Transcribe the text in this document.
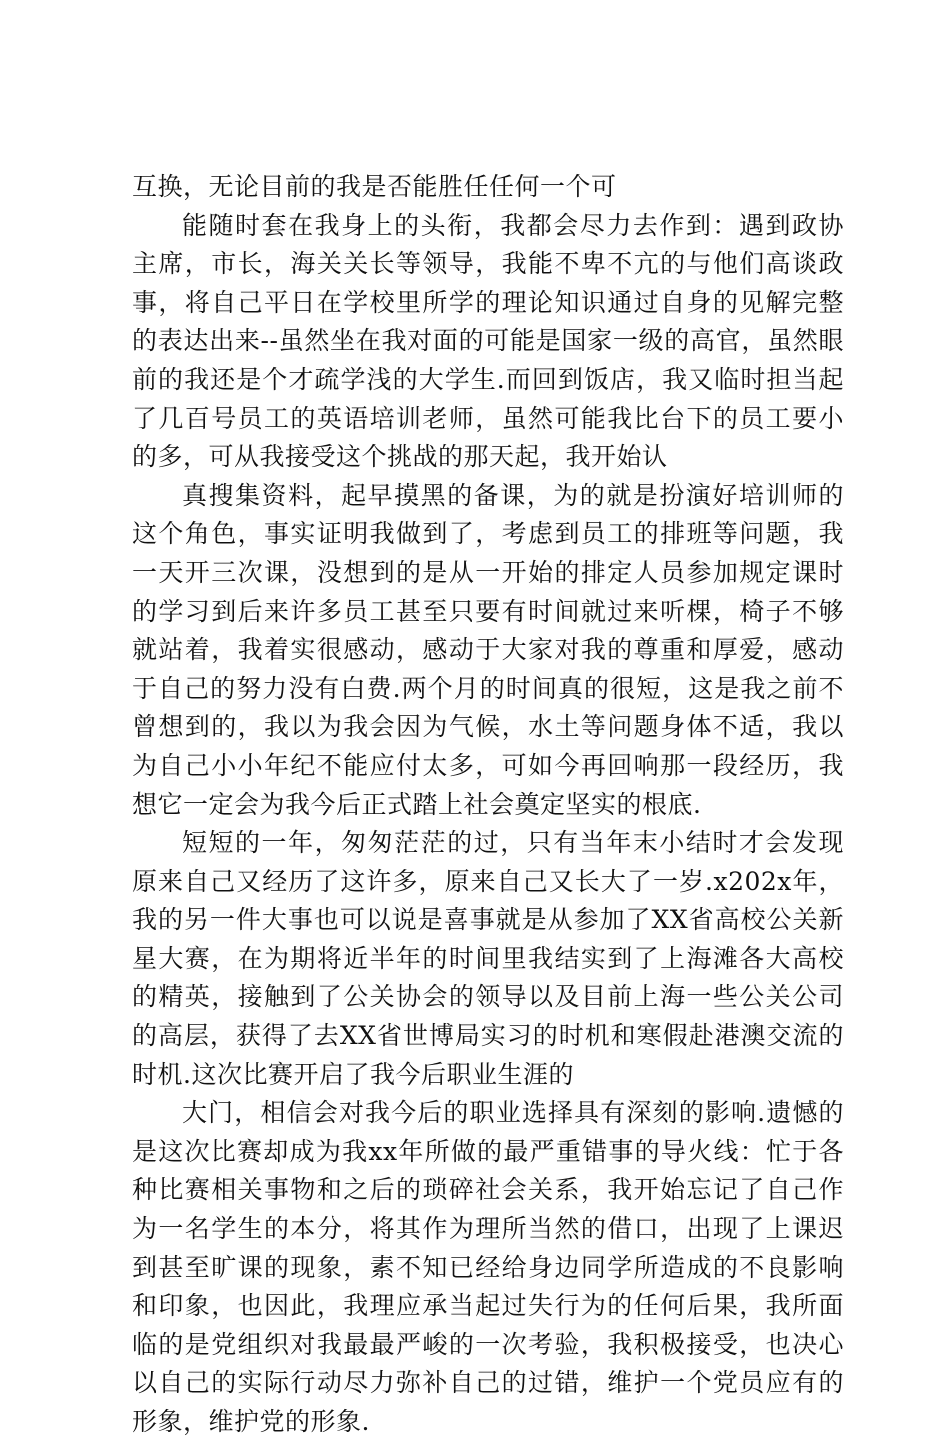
互换，无论目前的我是否能胜任任何一个可

能随时套在我身上的头衔，我都会尽力去作到：遇到政协主席，市长，海关关长等领导，我能不卑不亢的与他们高谈政事，将自己平日在学校里所学的理论知识通过自身的见解完整的表达出来--虽然坐在我对面的可能是国家一级的高官，虽然眼前的我还是个才疏学浅的大学生.而回到饭店，我又临时担当起了几百号员工的英语培训老师，虽然可能我比台下的员工要小的多，可从我接受这个挑战的那天起，我开始认

真搜集资料，起早摸黑的备课，为的就是扮演好培训师的这个角色，事实证明我做到了，考虑到员工的排班等问题，我一天开三次课，没想到的是从一开始的排定人员参加规定课时的学习到后来许多员工甚至只要有时间就过来听棵，椅子不够就站着，我着实很感动，感动于大家对我的尊重和厚爱，感动于自己的努力没有白费.两个月的时间真的很短，这是我之前不曾想到的，我以为我会因为气候，水土等问题身体不适，我以为自己小小年纪不能应付太多，可如今再回响那一段经历，我想它一定会为我今后正式踏上社会奠定坚实的根底.

短短的一年，匆匆茫茫的过，只有当年末小结时才会发现原来自己又经历了这许多，原来自己又长大了一岁.x202x年，我的另一件大事也可以说是喜事就是从参加了XX省高校公关新星大赛，在为期将近半年的时间里我结实到了上海滩各大高校的精英，接触到了公关协会的领导以及目前上海一些公关公司的高层，获得了去XX省世博局实习的时机和寒假赴港澳交流的时机.这次比赛开启了我今后职业生涯的

大门，相信会对我今后的职业选择具有深刻的影响.遗憾的是这次比赛却成为我xx年所做的最严重错事的导火线：忙于各种比赛相关事物和之后的琐碎社会关系，我开始忘记了自己作为一名学生的本分，将其作为理所当然的借口，出现了上课迟到甚至旷课的现象，素不知已经给身边同学所造成的不良影响和印象，也因此，我理应承当起过失行为的任何后果，我所面临的是党组织对我最最严峻的一次考验，我积极接受，也决心以自己的实际行动尽力弥补自己的过错，维护一个党员应有的形象，维护党的形象.
